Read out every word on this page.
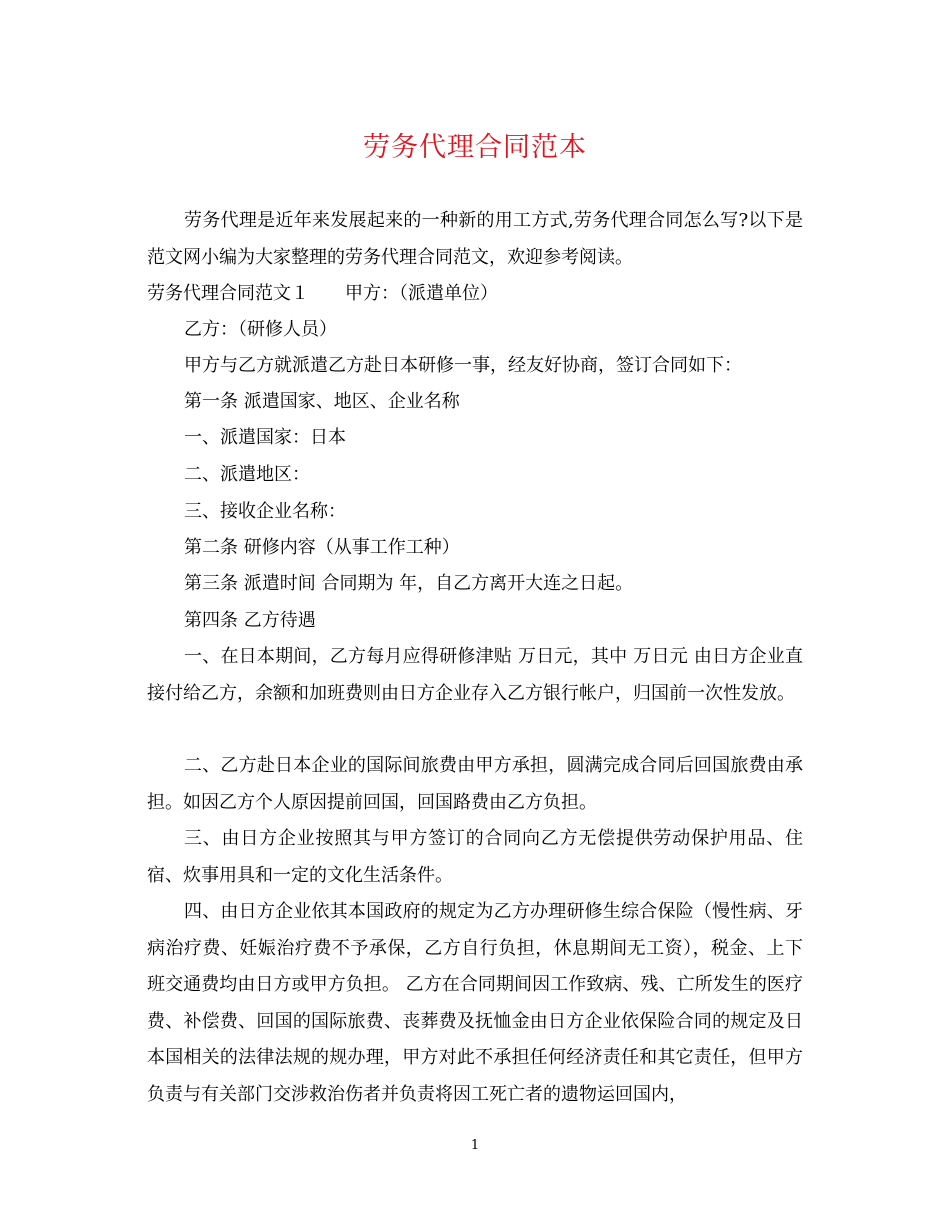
劳务代理合同范本

劳务代理是近年来发展起来的一种新的用工方式,劳务代理合同怎么写?以下是范文网小编为大家整理的劳务代理合同范文，欢迎参考阅读。

劳务代理合同范文１ 甲方：（派遣单位）
乙方：（研修人员）
甲方与乙方就派遣乙方赴日本研修一事，经友好协商，签订合同如下：
第一条 派遣国家、地区、企业名称
一、派遣国家：日本
二、派遣地区：
三、接收企业名称：
第二条 研修内容（从事工作工种）
第三条 派遣时间 合同期为 年，自乙方离开大连之日起。
第四条 乙方待遇

一、在日本期间，乙方每月应得研修津贴 万日元，其中 万日元 由日方企业直接付给乙方，余额和加班费则由日方企业存入乙方银行帐户，归国前一次性发放。

二、乙方赴日本企业的国际间旅费由甲方承担，圆满完成合同后回国旅费由承担。如因乙方个人原因提前回国，回国路费由乙方负担。

三、由日方企业按照其与甲方签订的合同向乙方无偿提供劳动保护用品、住宿、炊事用具和一定的文化生活条件。

四、由日方企业依其本国政府的规定为乙方办理研修生综合保险（慢性病、牙病治疗费、妊娠治疗费不予承保，乙方自行负担，休息期间无工资），税金、上下班交通费均由日方或甲方负担。 乙方在合同期间因工作致病、残、亡所发生的医疗费、补偿费、回国的国际旅费、丧葬费及抚恤金由日方企业依保险合同的规定及日本国相关的法律法规的规办理，甲方对此不承担任何经济责任和其它责任，但甲方负责与有关部门交涉救治伤者并负责将因工死亡者的遗物运回国内，

1
